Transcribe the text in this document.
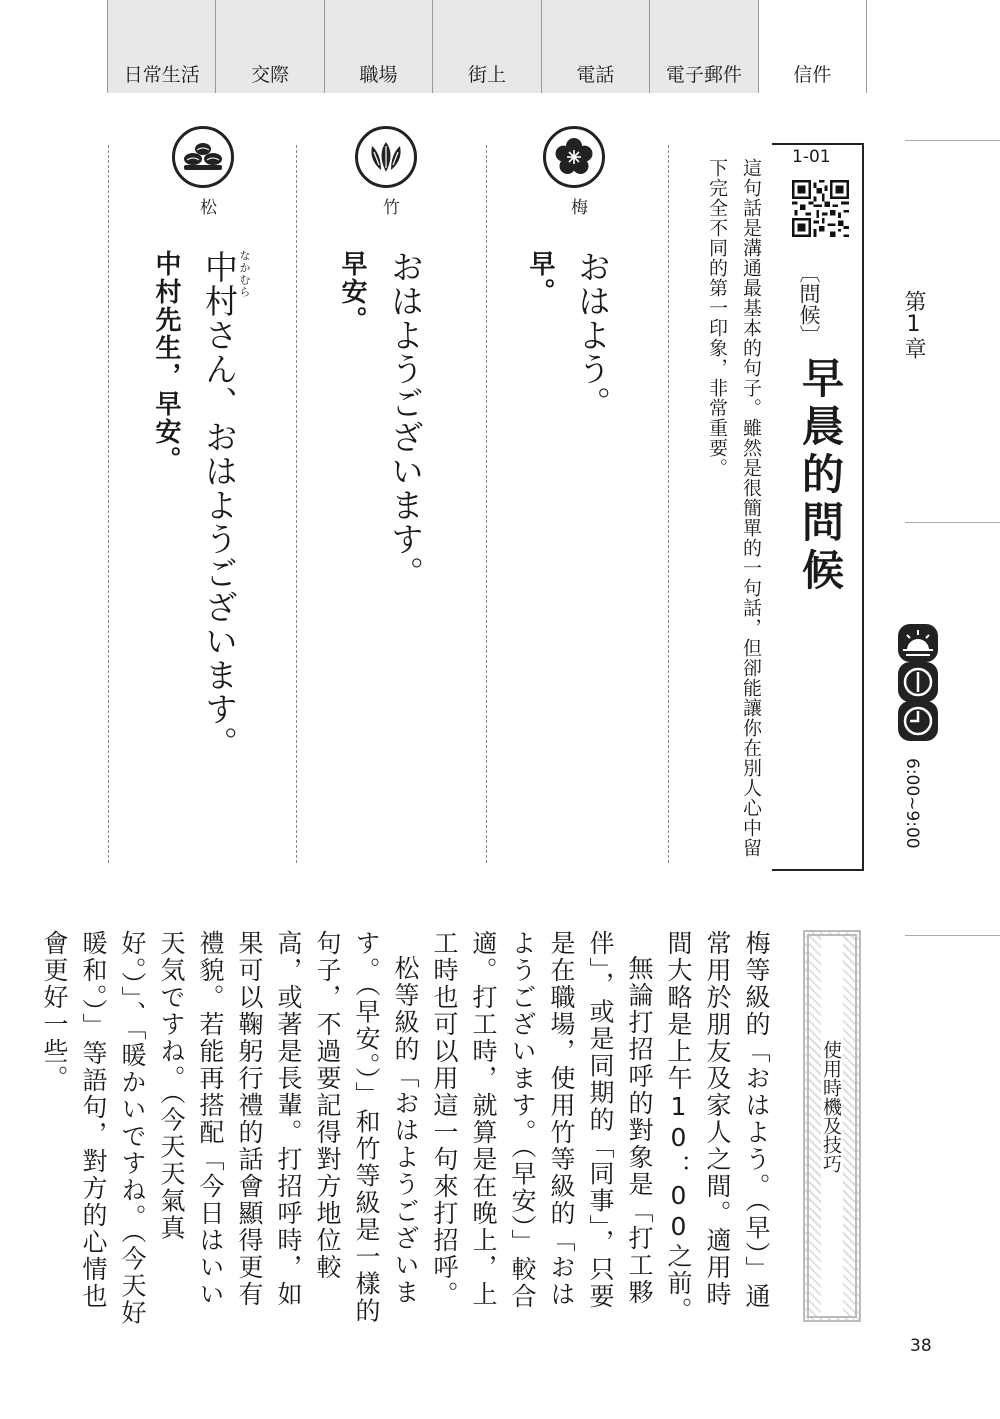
日常生活	交際	職場	街上	電話	電子郵件	信件
梅
おはよう。
早。
竹
おはようございます。
早安。
松
なかむら
中村さん、おはようございます。
中村先生，早安。
1-01
〔問候〕
早晨的問候
這句話是溝通最基本的句子。雖然是很簡單的一句話，但卻能讓你在別人心中留下完全不同的第一印象，非常重要。	第1章
6:00~9:00
使用時機及技巧

梅等級的「おはよう。（早）」通常用於朋友及家人之間。適用時間大略是上午10：00之前。

無論打招呼的對象是「打工夥伴」，或是同期的「同事」，只要是在職場，使用竹等級的「おはようございます。（早安）」較合適。打工時，就算是在晚上，上工時也可以用這一句來打招呼。

松等級的「おはようございます。（早安。）」和竹等級是一樣的句子，不過要記得對方地位較高，或著是長輩。打招呼時，如果可以鞠躬行禮的話會顯得更有禮貌。若能再搭配「今日はいい天気ですね。（今天天氣真好。）」、「暖かいですね。（今天好暖和。）」等語句，對方的心情也會更好一些。

38
